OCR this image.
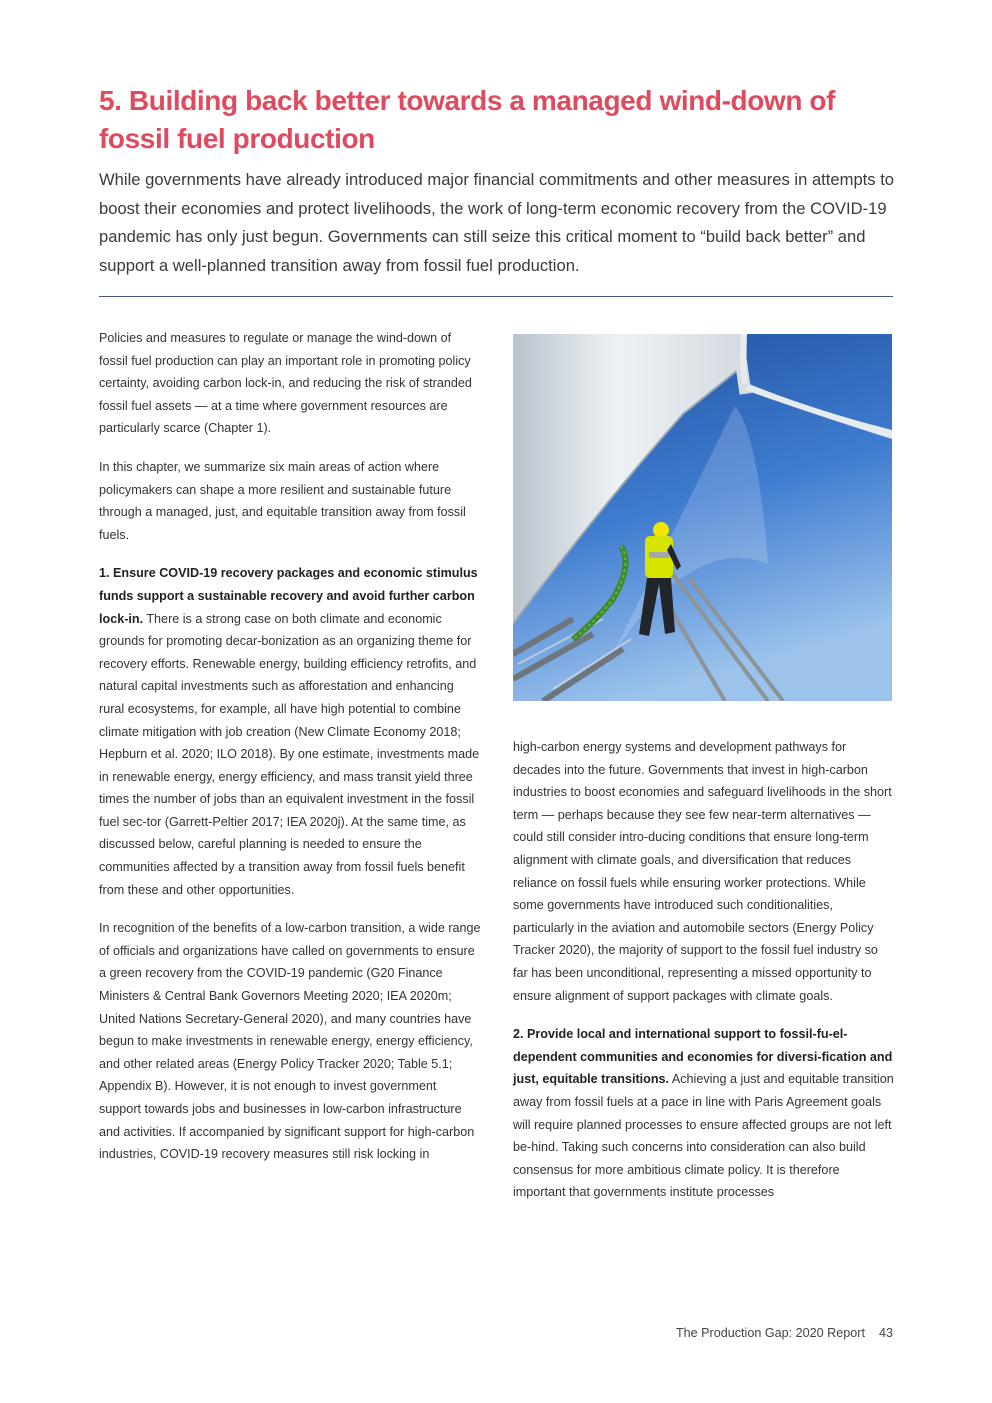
5. Building back better towards a managed wind-down of
fossil fuel production

While governments have already introduced major financial commitments and other measures in attempts to boost their economies and protect livelihoods, the work of long-term economic recovery from the COVID-19 pandemic has only just begun. Governments can still seize this critical moment to “build back better” and support a well-planned transition away from fossil fuel production.

Policies and measures to regulate or manage the wind-down of fossil fuel production can play an important role in promoting policy certainty, avoiding carbon lock-in, and reducing the risk of stranded fossil fuel assets — at a time where government resources are particularly scarce (Chapter 1).

In this chapter, we summarize six main areas of action where policymakers can shape a more resilient and sustainable future through a managed, just, and equitable transition away from fossil fuels.

1. Ensure COVID-19 recovery packages and economic stimulus funds support a sustainable recovery and avoid further carbon lock-in. There is a strong case on both climate and economic grounds for promoting decar-bonization as an organizing theme for recovery efforts. Renewable energy, building efficiency retrofits, and natural capital investments such as afforestation and enhancing rural ecosystems, for example, all have high potential to combine climate mitigation with job creation (New Climate Economy 2018; Hepburn et al. 2020; ILO 2018). By one estimate, investments made in renewable energy, energy efficiency, and mass transit yield three times the number of jobs than an equivalent investment in the fossil fuel sec-tor (Garrett-Peltier 2017; IEA 2020j). At the same time, as discussed below, careful planning is needed to ensure the communities affected by a transition away from fossil fuels benefit from these and other opportunities.

In recognition of the benefits of a low-carbon transition, a wide range of officials and organizations have called on governments to ensure a green recovery from the COVID-19 pandemic (G20 Finance Ministers & Central Bank Governors Meeting 2020; IEA 2020m; United Nations Secretary-General 2020), and many countries have begun to make investments in renewable energy, energy efficiency, and other related areas (Energy Policy Tracker 2020; Table 5.1; Appendix B). However, it is not enough to invest government support towards jobs and businesses in low-carbon infrastructure and activities. If accompanied by significant support for high-carbon industries, COVID-19 recovery measures still risk locking in

high-carbon energy systems and development pathways for decades into the future. Governments that invest in high-carbon industries to boost economies and safeguard livelihoods in the short term — perhaps because they see few near-term alternatives — could still consider intro-ducing conditions that ensure long-term alignment with climate goals, and diversification that reduces reliance on fossil fuels while ensuring worker protections. While some governments have introduced such conditionalities, particularly in the aviation and automobile sectors (Energy Policy Tracker 2020), the majority of support to the fossil fuel industry so far has been unconditional, representing a missed opportunity to ensure alignment of support packages with climate goals.

2. Provide local and international support to fossil-fu-el-dependent communities and economies for diversi-fication and just, equitable transitions. Achieving a just and equitable transition away from fossil fuels at a pace in line with Paris Agreement goals will require planned processes to ensure affected groups are not left be-hind. Taking such concerns into consideration can also build consensus for more ambitious climate policy. It is therefore important that governments institute processes

The Production Gap: 2020 Report 43
